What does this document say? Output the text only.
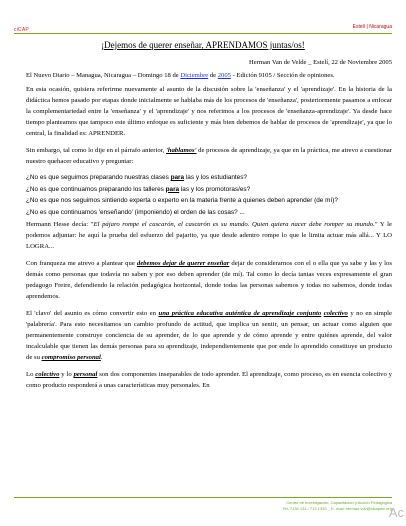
ciCAP	Estelí | Nicaragua
¡Dejemos de querer enseñar, APRENDAMOS juntas/os!
Herman Van de Velde _ Estelí, 22 de Noviembre 2005
El Nuevo Diario – Managua, Nicaragua – Domingo 18 de Diciembre de 2005 - Edición 9105 / Sección de opiniones.

En esta ocasión, quisiera referirme nuevamente al asunto de la discusión sobre la 'enseñanza' y el 'aprendizaje'. En la historia de la didáctica hemos pasado por etapas donde inicialmente se hablaba más de los procesos de 'enseñanza', posteriormente pasamos a enfocar la complementariedad entre la 'enseñanza' y el 'aprendizaje' y nos referimos a los procesos de 'enseñanza-aprendizaje'. Ya desde hace tiempo planteamos que tampoco este último enfoque es suficiente y más bien debemos de hablar de procesos de 'aprendizaje', ya que lo central, la finalidad es: APRENDER.

Sin embargo, tal como lo dije en el párrafo anterior, 'hablamos' de procesos de aprendizaje, ya que en la práctica, me atrevo a cuestionar nuestro quehacer educativo y preguntar:

¿No es que seguimos preparando nuestras clases para las y los estudiantes?
¿No es que continuamos preparando los talleres para las y los promotoras/es?
¿No es que nos seguimos sintiendo experta o experto en la materia frente a quienes deben aprender (de mí)?
¿No es que continuamos 'enseñando' (imponiendo) el orden de las cosas? ...

Hermann Hesse decía: "El pájaro rompe el cascarón, el cascarón es su mundo. Quien quiera nacer debe romper su mundo." Y le podemos adjuntar: he aquí la prueba del esfuerzo del pajarito, ya que desde adentro rompe lo que le limita actuar más allá... Y LO LOGRA...

Con franqueza me atrevo a plantear que debemos dejar de querer enseñar dejar de considerarnos con el o ella que ya sabe y las y los demás como personas que todavía no saben y por eso deben aprender (de mí). Tal como lo decía tantas veces expresamente el gran pedagogo Freire, defendiendo la relación pedagógica horizontal, donde todas las personas sabemos y todas no sabemos, donde todas aprendemos.

El 'clavo' del asunto es cómo convertir esto en una práctica educativa auténtica de aprendizaje conjunto colectivo y no en simple 'palabrería'. Para esto necesitamos un cambio profundo de actitud, que implica un sentir, un pensar, un actuar como alguien que permanentemente construye conciencia de su aprender, de lo que aprende y de cómo aprende y entre quiénes aprende, del valor incalculable que tienen las demás personas para su aprendizaje, independientemente que por ende lo aprendido constituye un producto de su compromiso personal.

Lo colectivo y lo personal son dos componentes inseparables de todo aprender. El aprendizaje, como proceso, es en esencia colectivo y como producto responderá a unas características muy personales. En

Centro de Investigación, Capacitación y Acción Pedagógica
Tel. 7134 131 / 713 1333 _ E- mail: herman.vdv@cicapnic.org
Ac
